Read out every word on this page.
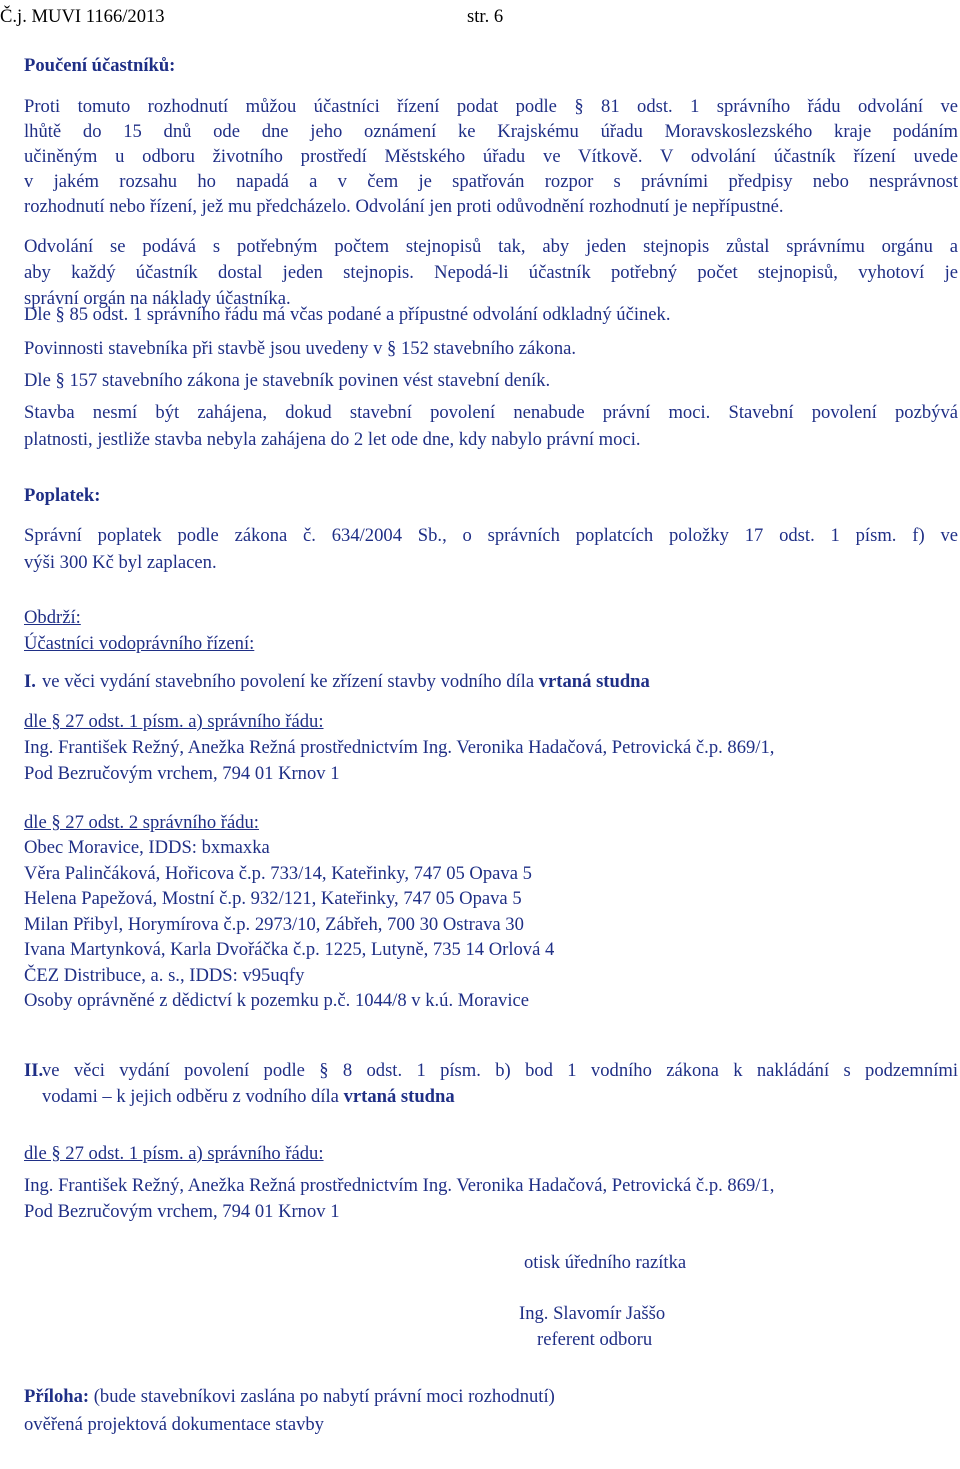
Č.j. MUVI 1166/2013	str. 6
Poučení účastníků:
Proti tomuto rozhodnutí můžou účastníci řízení podat podle § 81 odst. 1 správního řádu odvolání ve
lhůtě do 15 dnů ode dne jeho oznámení ke Krajskému úřadu Moravskoslezského kraje podáním
učiněným u odboru životního prostředí Městského úřadu ve Vítkově. V odvolání účastník řízení uvede
v jakém rozsahu ho napadá a v čem je spatřován rozpor s právními předpisy nebo nesprávnost
rozhodnutí nebo řízení, jež mu předcházelo. Odvolání jen proti odůvodnění rozhodnutí je nepřípustné.
Odvolání se podává s potřebným počtem stejnopisů tak, aby jeden stejnopis zůstal správnímu orgánu a
aby každý účastník dostal jeden stejnopis. Nepodá-li účastník potřebný počet stejnopisů, vyhotoví je
správní orgán na náklady účastníka.
Dle § 85 odst. 1 správního řádu má včas podané a přípustné odvolání odkladný účinek.
Povinnosti stavebníka při stavbě jsou uvedeny v § 152 stavebního zákona.
Dle § 157 stavebního zákona je stavebník povinen vést stavební deník.
Stavba nesmí být zahájena, dokud stavební povolení nenabude právní moci. Stavební povolení pozbývá
platnosti, jestliže stavba nebyla zahájena do 2 let ode dne, kdy nabylo právní moci.
Poplatek:
Správní poplatek podle zákona č. 634/2004 Sb., o správních poplatcích položky 17 odst. 1 písm. f) ve
výši 300 Kč byl zaplacen.
Obdrží:
Účastníci vodoprávního řízení:
I. ve věci vydání stavebního povolení ke zřízení stavby vodního díla vrtaná studna
dle § 27 odst. 1 písm. a) správního řádu:
Ing. František Režný, Anežka Režná prostřednictvím Ing. Veronika Hadačová, Petrovická č.p. 869/1,
Pod Bezručovým vrchem, 794 01 Krnov 1
dle § 27 odst. 2 správního řádu:
Obec Moravice, IDDS: bxmaxka
Věra Palinčáková, Hořicova č.p. 733/14, Kateřinky, 747 05 Opava 5
Helena Papežová, Mostní č.p. 932/121, Kateřinky, 747 05 Opava 5
Milan Přibyl, Horymírova č.p. 2973/10, Zábřeh, 700 30 Ostrava 30
Ivana Martynková, Karla Dvořáčka č.p. 1225, Lutyně, 735 14 Orlová 4
ČEZ Distribuce, a. s., IDDS: v95uqfy
Osoby oprávněné z dědictví k pozemku p.č. 1044/8 v k.ú. Moravice
II.
ve věci vydání povolení podle § 8 odst. 1 písm. b) bod 1 vodního zákona k nakládání s podzemními
vodami – k jejich odběru z vodního díla vrtaná studna
dle § 27 odst. 1 písm. a) správního řádu:
Ing. František Režný, Anežka Režná prostřednictvím Ing. Veronika Hadačová, Petrovická č.p. 869/1,
Pod Bezručovým vrchem, 794 01 Krnov 1
otisk úředního razítka
Ing. Slavomír Jaššo
referent odboru
Příloha: (bude stavebníkovi zaslána po nabytí právní moci rozhodnutí)
ověřená projektová dokumentace stavby
